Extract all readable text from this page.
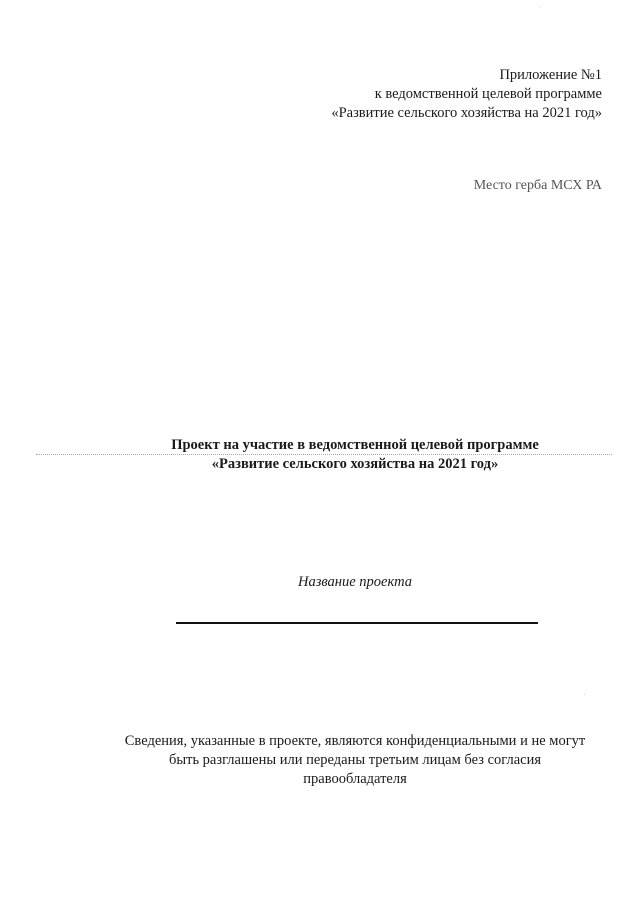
Приложение №1
к ведомственной целевой программе
«Развитие сельского хозяйства на 2021 год»
Место герба МСХ РА
Проект на участие в ведомственной целевой программе
«Развитие сельского хозяйства на 2021 год»
Название проекта
Сведения, указанные в проекте, являются конфиденциальными и не могут
быть разглашены или переданы третьим лицам без согласия
правообладателя
